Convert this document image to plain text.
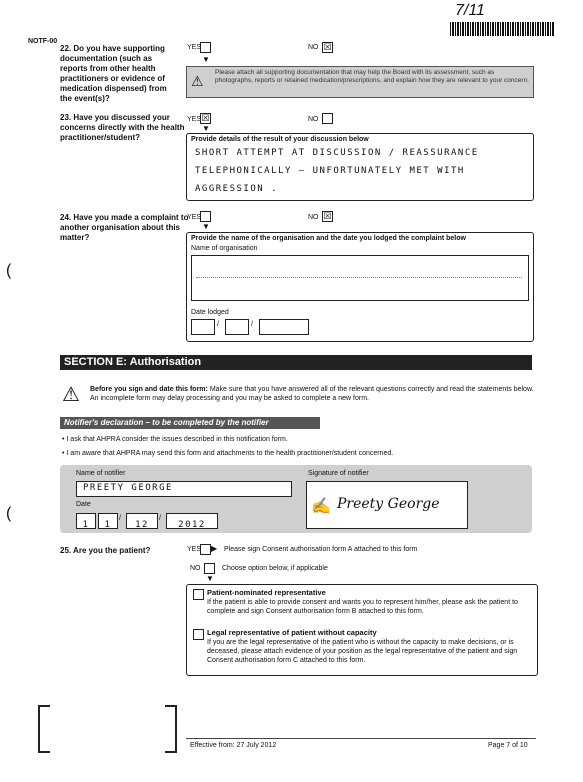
NOTF-00
7/11
22. Do you have supporting documentation (such as reports from other health practitioners or evidence of medication dispensed) from the event(s)?
YES	NO ☒
▼
⚠
Please attach all supporting documentation that may help the Board with its assessment, such as photographs, reports or retained medication/prescriptions, and explain how they are relevant to your concern.
23. Have you discussed your concerns directly with the health practitioner/student?
YES ☒	NO
▼
Provide details of the result of your discussion below
SHORT ATTEMPT AT DISCUSSION / REASSURANCE
TELEPHONICALLY — UNFORTUNATELY MET WITH
AGGRESSION .
24. Have you made a complaint to another organisation about this matter?
YES	NO ☒
▼
Provide the name of the organisation and the date you lodged the complaint below
Name of organisation
Date lodged
/	/
SECTION E: Authorisation
⚠ Before you sign and date this form: Make sure that you have answered all of the relevant questions correctly and read the statements below. An incomplete form may delay processing and you may be asked to complete a new form.
Notifier's declaration – to be completed by the notifier
• I ask that AHPRA consider the issues described in this notification form.
• I am aware that AHPRA may send this form and attachments to the health practitioner/student concerned.
Name of notifier
PREETY GEORGE
Date
1	1
/
12
/
2012
Signature of notifier
✍ Preety George
25. Are you the patient?	YES ▶ Please sign Consent authorisation form A attached to this form
NO
▼
Choose option below, if applicable
Patient-nominated representative
If the patient is able to provide consent and wants you to represent him/her, please ask the patient to complete and sign Consent authorisation form B attached to this form.
Legal representative of patient without capacity
If you are the legal representative of the patient who is without the capacity to make decisions, or is deceased, please attach evidence of your position as the legal representative of the patient and sign Consent authorisation form C attached to this form.
(
(
Effective from: 27 July 2012	Page 7 of 10
